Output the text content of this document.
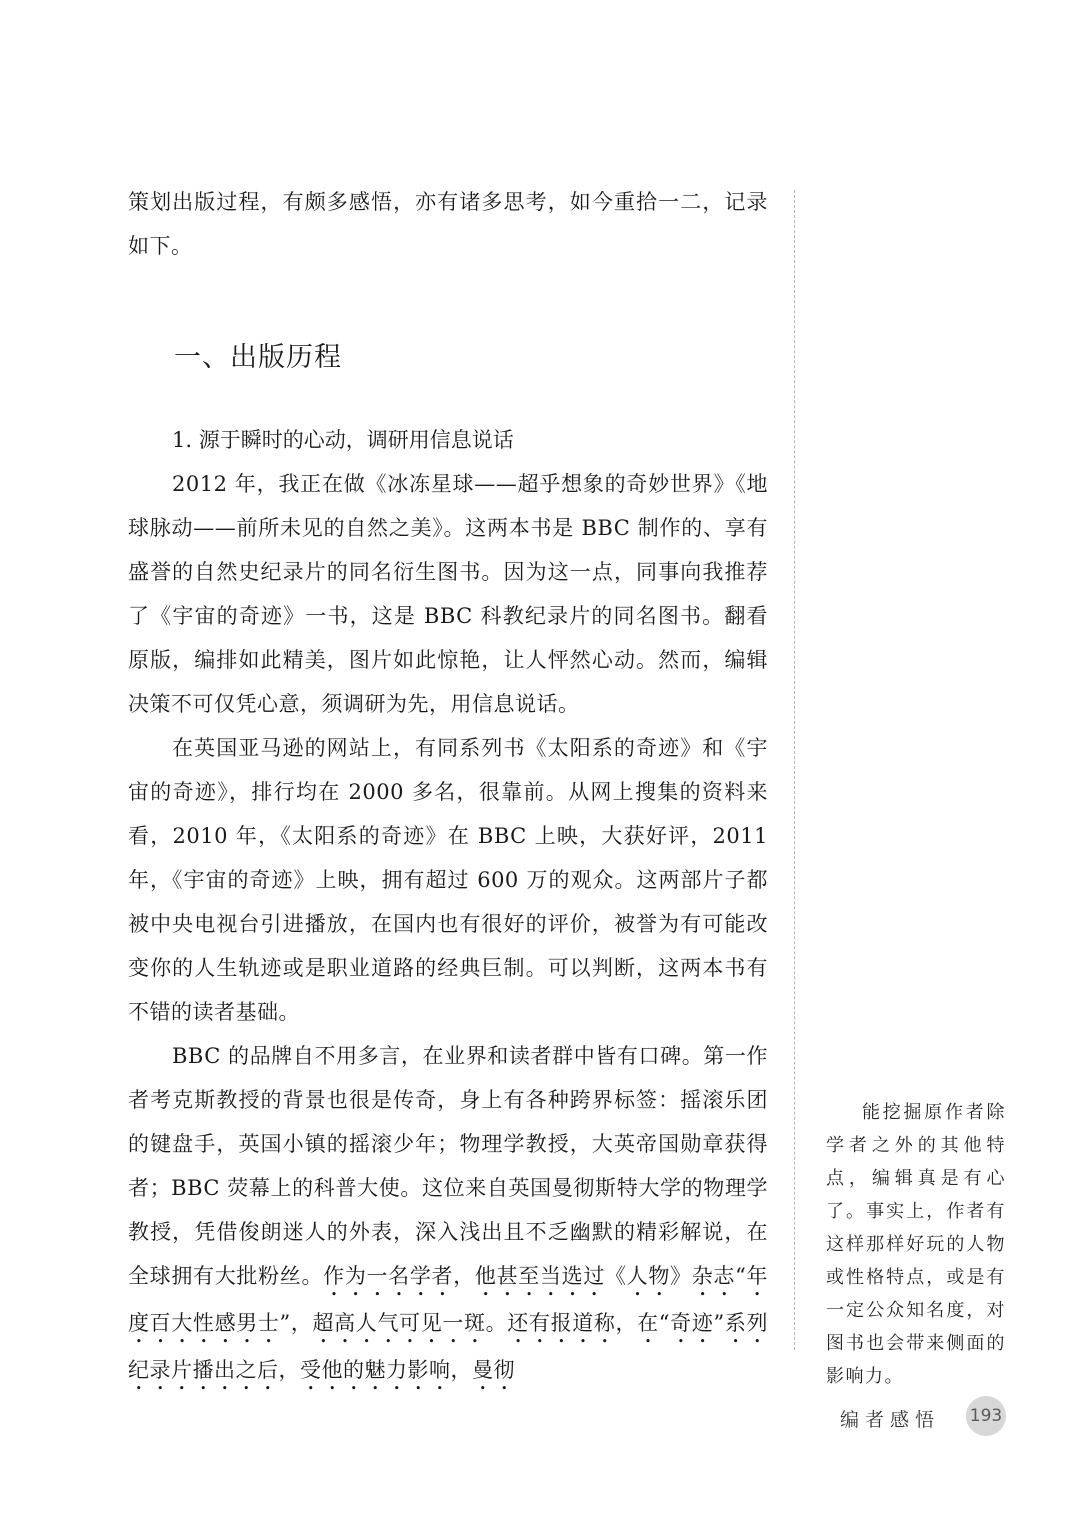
策划出版过程，有颇多感悟，亦有诸多思考，如今重拾一二，记录如下。

一、出版历程
1. 源于瞬时的心动，调研用信息说话

2012 年，我正在做《冰冻星球——超乎想象的奇妙世界》《地球脉动——前所未见的自然之美》。这两本书是 BBC 制作的、享有盛誉的自然史纪录片的同名衍生图书。因为这一点，同事向我推荐了《宇宙的奇迹》一书，这是 BBC 科教纪录片的同名图书。翻看原版，编排如此精美，图片如此惊艳，让人怦然心动。然而，编辑决策不可仅凭心意，须调研为先，用信息说话。

在英国亚马逊的网站上，有同系列书《太阳系的奇迹》和《宇宙的奇迹》，排行均在 2000 多名，很靠前。从网上搜集的资料来看，2010 年，《太阳系的奇迹》在 BBC 上映，大获好评，2011 年，《宇宙的奇迹》上映，拥有超过 600 万的观众。这两部片子都被中央电视台引进播放，在国内也有很好的评价，被誉为有可能改变你的人生轨迹或是职业道路的经典巨制。可以判断，这两本书有不错的读者基础。

BBC 的品牌自不用多言，在业界和读者群中皆有口碑。第一作者考克斯教授的背景也很是传奇，身上有各种跨界标签：摇滚乐团的键盘手，英国小镇的摇滚少年；物理学教授，大英帝国勋章获得者；BBC 荧幕上的科普大使。这位来自英国曼彻斯特大学的物理学教授，凭借俊朗迷人的外表，深入浅出且不乏幽默的精彩解说，在全球拥有大批粉丝。作为一名学者，他甚至当选过《人物》杂志“年度百大性感男士”，超高人气可见一斑。还有报道称，在“奇迹”系列纪录片播出之后，受他的魅力影响，曼彻

能挖掘原作者除学者之外的其他特点，编辑真是有心了。事实上，作者有这样那样好玩的人物或性格特点，或是有一定公众知名度，对图书也会带来侧面的影响力。

编者感悟 193
